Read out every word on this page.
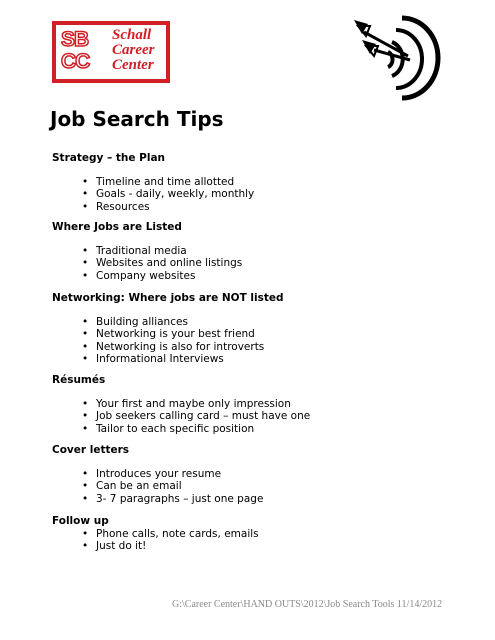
SB
CC
Schall
Career
Center
Job Search Tips
Strategy – the Plan
• Timeline and time allotted
• Goals - daily, weekly, monthly
• Resources
Where Jobs are Listed
• Traditional media
• Websites and online listings
• Company websites
Networking: Where jobs are NOT listed
• Building alliances
• Networking is your best friend
• Networking is also for introverts
• Informational Interviews
Résumés
• Your first and maybe only impression
• Job seekers calling card – must have one
• Tailor to each specific position
Cover letters
• Introduces your resume
• Can be an email
• 3- 7 paragraphs – just one page
Follow up
• Phone calls, note cards, emails
• Just do it!
G:\Career Center\HAND OUTS\2012\Job Search Tools 11/14/2012
